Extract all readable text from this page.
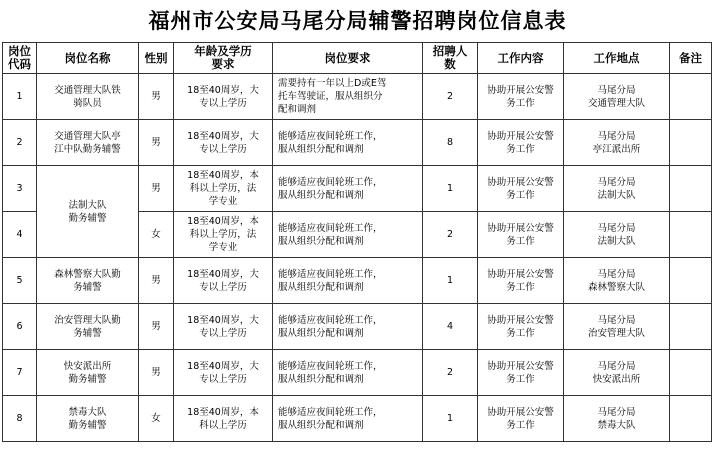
福州市公安局马尾分局辅警招聘岗位信息表
岗位
代码	岗位名称	性别	年龄及学历
要求	岗位要求	招聘人
数	工作内容	工作地点	备注
1	交通管理大队铁
骑队员	男	18至40周岁，大
专以上学历	需要持有一年以上D或E驾
托车驾驶证，服从组织分
配和调剂	2	协助开展公安警
务工作	马尾分局
交通管理大队	

2	交通管理大队亭
江中队勤务辅警	男	18至40周岁，大
专以上学历	能够适应夜间轮班工作，
服从组织分配和调剂	8	协助开展公安警
务工作	马尾分局
亭江派出所	

3	法制大队
勤务辅警	男	18至40周岁，本
科以上学历，法
学专业	能够适应夜间轮班工作，
服从组织分配和调剂	1	协助开展公安警
务工作	马尾分局
法制大队	

4		女	18至40周岁，本
科以上学历，法
学专业	能够适应夜间轮班工作，
服从组织分配和调剂	2	协助开展公安警
务工作	马尾分局
法制大队	

5	森林警察大队勤
务辅警	男	18至40周岁，大
专以上学历	能够适应夜间轮班工作，
服从组织分配和调剂	1	协助开展公安警
务工作	马尾分局
森林警察大队	

6	治安管理大队勤
务辅警	男	18至40周岁，大
专以上学历	能够适应夜间轮班工作，
服从组织分配和调剂	4	协助开展公安警
务工作	马尾分局
治安管理大队	

7	快安派出所
勤务辅警	男	18至40周岁，大
专以上学历	能够适应夜间轮班工作，
服从组织分配和调剂	2	协助开展公安警
务工作	马尾分局
快安派出所	

8	禁毒大队
勤务辅警	女	18至40周岁，本
科以上学历	能够适应夜间轮班工作，
服从组织分配和调剂	1	协助开展公安警
务工作	马尾分局
禁毒大队	
